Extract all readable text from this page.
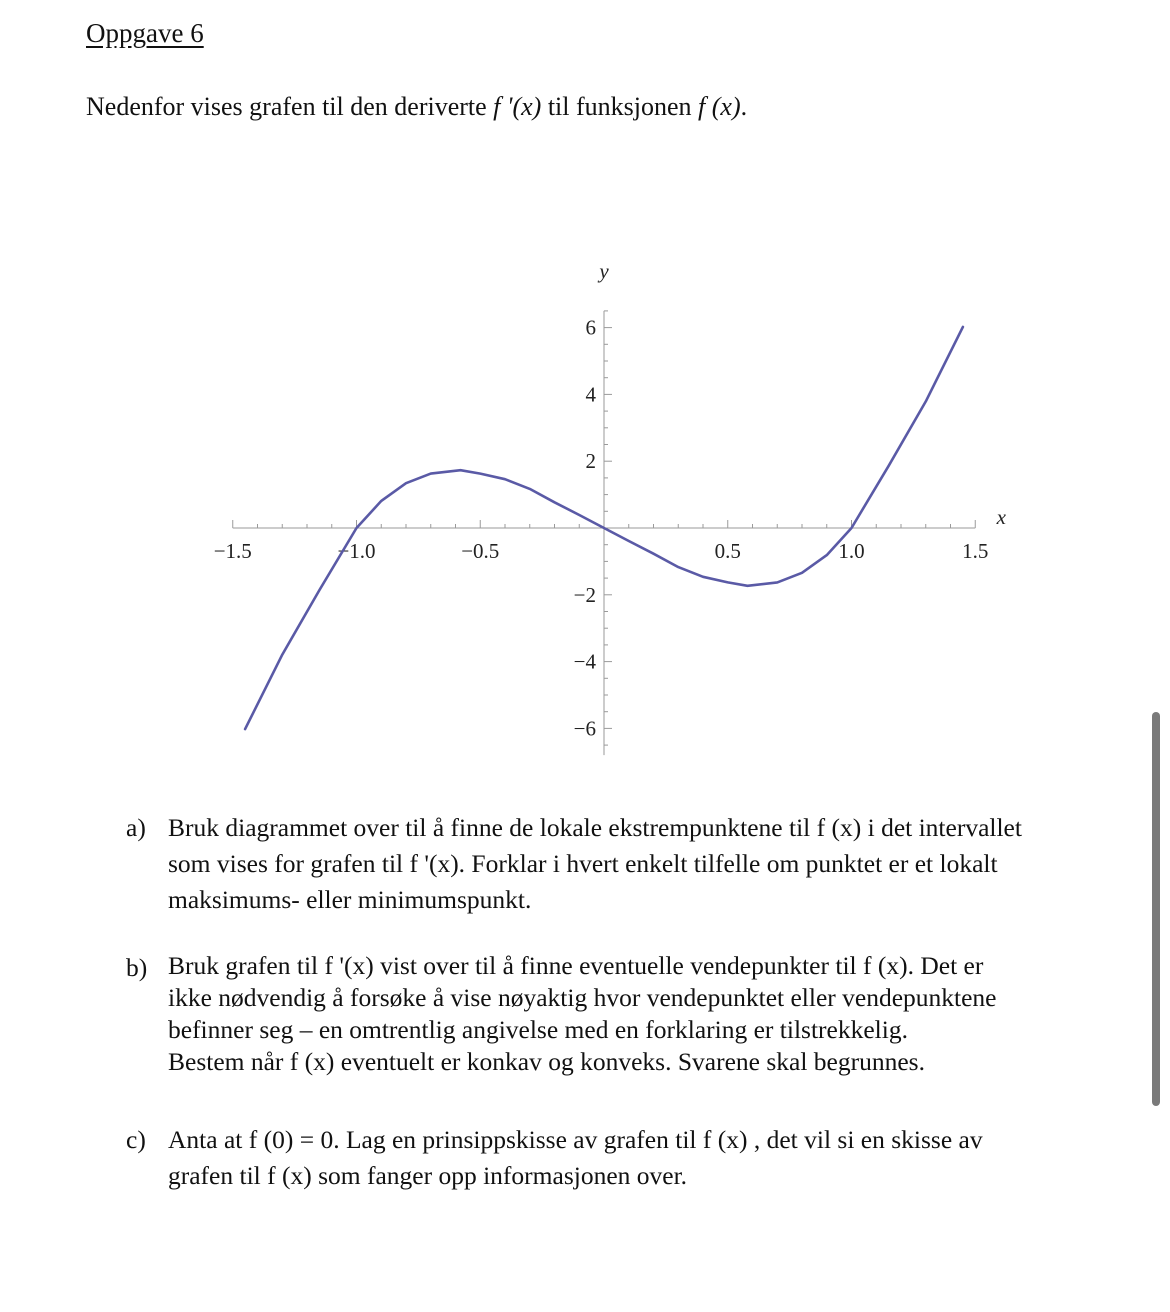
Oppgave 6
Nedenfor vises grafen til den deriverte f '(x) til funksjonen f (x).
−1.5	−1.0	−0.5	0.5	1.0	1.5
6
4
2
−2
−4
−6
x
y
a) Bruk diagrammet over til å finne de lokale ekstrempunktene til f (x) i det intervallet
som vises for grafen til f '(x). Forklar i hvert enkelt tilfelle om punktet er et lokalt
maksimums- eller minimumspunkt.
b) Bruk grafen til f '(x) vist over til å finne eventuelle vendepunkter til f (x). Det er
ikke nødvendig å forsøke å vise nøyaktig hvor vendepunktet eller vendepunktene
befinner seg – en omtrentlig angivelse med en forklaring er tilstrekkelig.
Bestem når f (x) eventuelt er konkav og konveks. Svarene skal begrunnes.
c) Anta at f (0) = 0. Lag en prinsippskisse av grafen til f (x) , det vil si en skisse av
grafen til f (x) som fanger opp informasjonen over.
